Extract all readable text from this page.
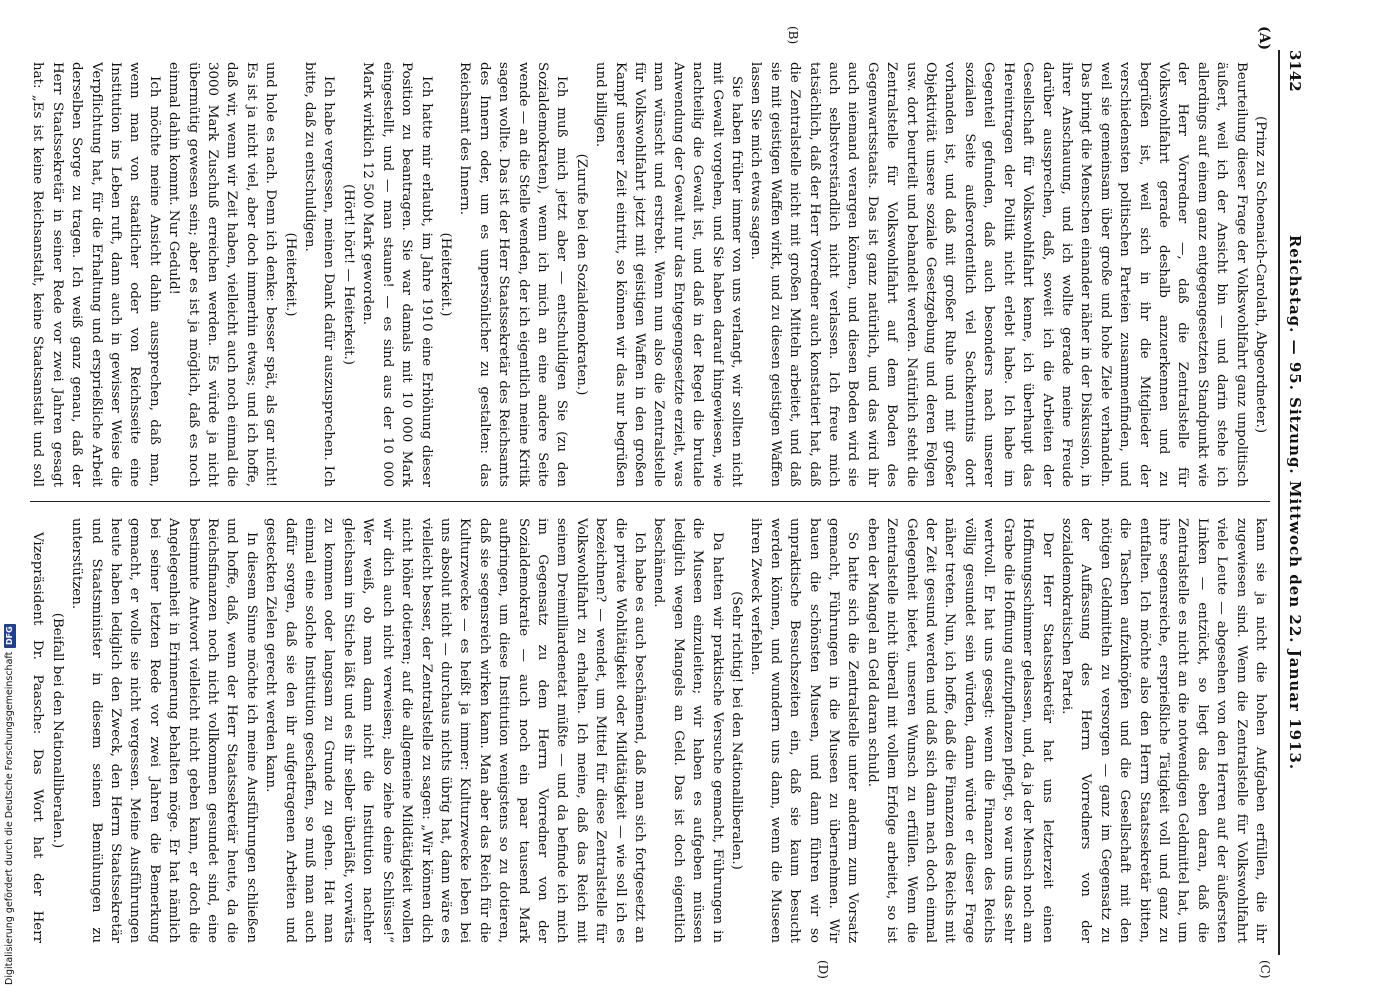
Digitalisierung gefördert durch die Deutsche Forschungsgemeinschaft
DFG
3142
Reichstag. — 95. Sitzung. Mittwoch den 22. Januar 1913.
(A)
(B)
(C)
(D)

(Prinz zu Schoenaich-Carolath, Abgeordneter.)

Beurteilung dieser Frage der Volkswohlfahrt ganz unpolitisch äußert, weil ich der Ansicht bin — und darin stehe ich allerdings auf einem ganz entgegengesetzten Standpunkt wie der Herr Vorredner —, daß die Zentralstelle für Volkswohlfahrt gerade deshalb anzuerkennen und zu begrüßen ist, weil sich in ihr die Mitglieder der verschiedensten politischen Parteien zusammenfinden, und weil sie gemeinsam über große und hohe Ziele verhandeln. Das bringt die Menschen einander näher in der Diskussion, in ihrer Anschauung, und ich wollte gerade meine Freude darüber aussprechen, daß, soweit ich die Arbeiten der Gesellschaft für Volkswohlfahrt kenne, ich überhaupt das Hereintragen der Politik nicht erlebt habe. Ich habe im Gegenteil gefunden, daß auch besonders nach unserer sozialen Seite außerordentlich viel Sachkenntnis dort vorhanden ist, und daß mit großer Ruhe und mit großer Objektivität unsere soziale Gesetzgebung und deren Folgen usw. dort beurteilt und behandelt werden. Natürlich steht die Zentralstelle für Volkswohlfahrt auf dem Boden des Gegenwartsstaats. Das ist ganz natürlich, und das wird ihr auch niemand verargen können, und diesen Boden wird sie auch selbstverständlich nicht verlassen. Ich freue mich tatsächlich, daß der Herr Vorredner auch konstatiert hat, daß die Zentralstelle nicht mit großen Mitteln arbeitet, und daß sie mit geistigen Waffen wirkt, und zu diesen geistigen Waffen lassen Sie mich etwas sagen.

Sie haben früher immer von uns verlangt, wir sollten nicht mit Gewalt vorgehen, und Sie haben darauf hingewiesen, wie nachteilig die Gewalt ist, und daß in der Regel die brutale Anwendung der Gewalt nur das Entgegengesetzte erzielt, was man wünscht und erstrebt. Wenn nun also die Zentralstelle für Volkswohlfahrt jetzt mit geistigen Waffen in den großen Kampf unserer Zeit eintritt, so können wir das nur begrüßen und billigen.

(Zurufe bei den Sozialdemokraten.)

Ich muß mich jetzt aber — entschuldigen Sie (zu den Sozialdemokraten), wenn ich mich an eine andere Seite wende — an die Stelle wenden, der ich eigentlich meine Kritik sagen wollte. Das ist der Herr Staatssekretär des Reichsamts des Innern oder, um es unpersönlicher zu gestalten: das Reichsamt des Innern.

(Heiterkeit.)

Ich hatte mir erlaubt, im Jahre 1910 eine Erhöhung dieser Position zu beantragen. Sie war damals mit 10 000 Mark eingestellt, und — man staune! — es sind aus der 10 000 Mark wirklich 12 500 Mark geworden.

(Hört! hört! — Heiterkeit.)

Ich habe vergessen, meinen Dank dafür auszusprechen. Ich bitte, daß zu entschuldigen.

(Heiterkeit.)

und hole es nach. Denn ich denke: besser spät, als gar nicht! Es ist ja nicht viel, aber doch immerhin etwas; und ich hoffe, daß wir, wenn wir Zeit haben, vielleicht auch noch einmal die 3000 Mark Zuschuß erreichen werden. Es würde ja nicht übermütig gewesen sein; aber es ist ja möglich, daß es noch einmal dahin kommt. Nur Geduld!

Ich möchte meine Ansicht dahin aussprechen, daß man, wenn man von staatlicher oder von Reichsseite eine Institution ins Leben ruft, dann auch in gewisser Weise die Verpflichtung hat, für die Erhaltung und ersprießliche Arbeit derselben Sorge zu tragen. Ich weiß ganz genau, daß der Herr Staatssekretär in seiner Rede vor zwei Jahren gesagt hat: „Es ist keine Reichsanstalt, keine Staatsanstalt und soll

kann sie ja nicht die hohen Aufgaben erfüllen, die ihr zugewiesen sind. Wenn die Zentralstelle für Volkswohlfahrt viele Leute — abgesehen von den Herren auf der äußersten Linken — entzückt, so liegt das eben daran, daß die Zentralstelle es nicht an die notwendigen Geldmittel hat, um ihre segensreiche, ersprießliche Tätigkeit voll und ganz zu entfalten. Ich möchte also den Herrn Staatssekretär bitten, die Taschen aufzuknöpfen und die Gesellschaft mit den nötigen Geldmitteln zu versorgen — ganz im Gegensatz zu der Auffassung des Herrn Vorredners von der sozialdemokratischen Partei.

Der Herr Staatssekretär hat uns letzterzeit einen Hoffnungsschimmer gelassen, und, da ja der Mensch noch am Grabe die Hoffnung aufzupflanzen pflegt, so war uns das sehr wertvoll. Er hat uns gesagt: wenn die Finanzen des Reichs völlig gesundet sein würden, dann würde er dieser Frage näher treten. Nun, ich hoffe, daß die Finanzen des Reichs mit der Zeit gesund werden und daß sich dann nach doch einmal Gelegenheit bietet, unseren Wunsch zu erfüllen. Wenn die Zentralstelle nicht überall mit vollem Erfolge arbeitet, so ist eben der Mangel an Geld daran schuld.

So hatte sich die Zentralstelle unter anderm zum Vorsatz gemacht, Führungen in die Museen zu übernehmen. Wir bauen die schönsten Museen, und dann führen wir so unpraktische Besuchszeiten ein, daß sie kaum besucht werden können, und wundern uns dann, wenn die Museen ihren Zweck verfehlen.

(Sehr richtig! bei den Nationalliberalen.)

Da hatten wir praktische Versuche gemacht, Führungen in die Museen einzuleiten; wir haben es aufgeben müssen lediglich wegen Mangels an Geld. Das ist doch eigentlich beschämend.

Ich habe es auch beschämend, daß man sich fortgesetzt an die private Wohltätigkeit oder Mildtätigkeit — wie soll ich es bezeichnen? — wendet, um Mittel für diese Zentralstelle für Volkswohlfahrt zu erhalten. Ich meine, daß das Reich mit seinem Dreimilliardenetat müßte — und da befinde ich mich im Gegensatz zu dem Herrn Vorredner von der Sozialdemokratie — auch noch ein paar tausend Mark aufbringen, um diese Institution wenigstens so zu dotieren, daß sie segensreich wirken kann. Man aber das Reich für die Kulturzwecke — es heißt ja immer: Kulturzwecke leben bei uns absolut nicht — durchaus nichts übrig hat, dann wäre es vielleicht besser, der Zentralstelle zu sagen: „Wir können dich nicht höher dotieren; auf die allgemeine Mildtätigkeit wollen wir dich auch nicht verweisen; also ziehe deine Schlüsse!“ Wer weiß, ob man dann nicht die Institution nachher gleichsam im Stiche läßt und es ihr selber überläßt, vorwärts zu kommen oder langsam zu Grunde zu gehen. Hat man einmal eine solche Institution geschaffen, so muß man auch dafür sorgen, daß sie den ihr aufgetragenen Arbeiten und gesteckten Zielen gerecht werden kann.

In diesem Sinne möchte ich meine Ausführungen schließen und hoffe, daß, wenn der Herr Staatssekretär heute, da die Reichsfinanzen noch nicht vollkommen gesundet sind, eine bestimmte Antwort vielleicht nicht geben kann, er doch die Angelegenheit in Erinnerung behalten möge. Er hat nämlich bei seiner letzten Rede vor zwei Jahren die Bemerkung gemacht, er wolle sie nicht vergessen. Meine Ausführungen heute haben lediglich den Zweck, den Herrn Staatssekretär und Staatsminister in diesem seinen Bemühungen zu unterstützen.

(Beifall bei den Nationalliberalen.)

Vizepräsident Dr. Paasche: Das Wort hat der Herr
